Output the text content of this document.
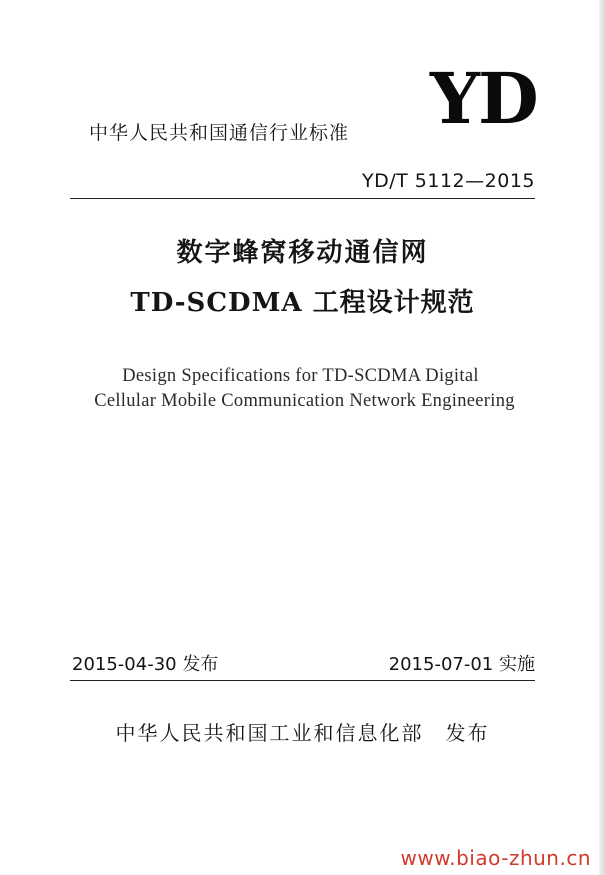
YD
中华人民共和国通信行业标准
YD/T 5112—2015
数字蜂窝移动通信网
TD-SCDMA 工程设计规范
Design Specifications for TD-SCDMA Digital
Cellular Mobile Communication Network Engineering
2015-04-30 发布	2015-07-01 实施
中华人民共和国工业和信息化部　发布
www.biao-zhun.cn
